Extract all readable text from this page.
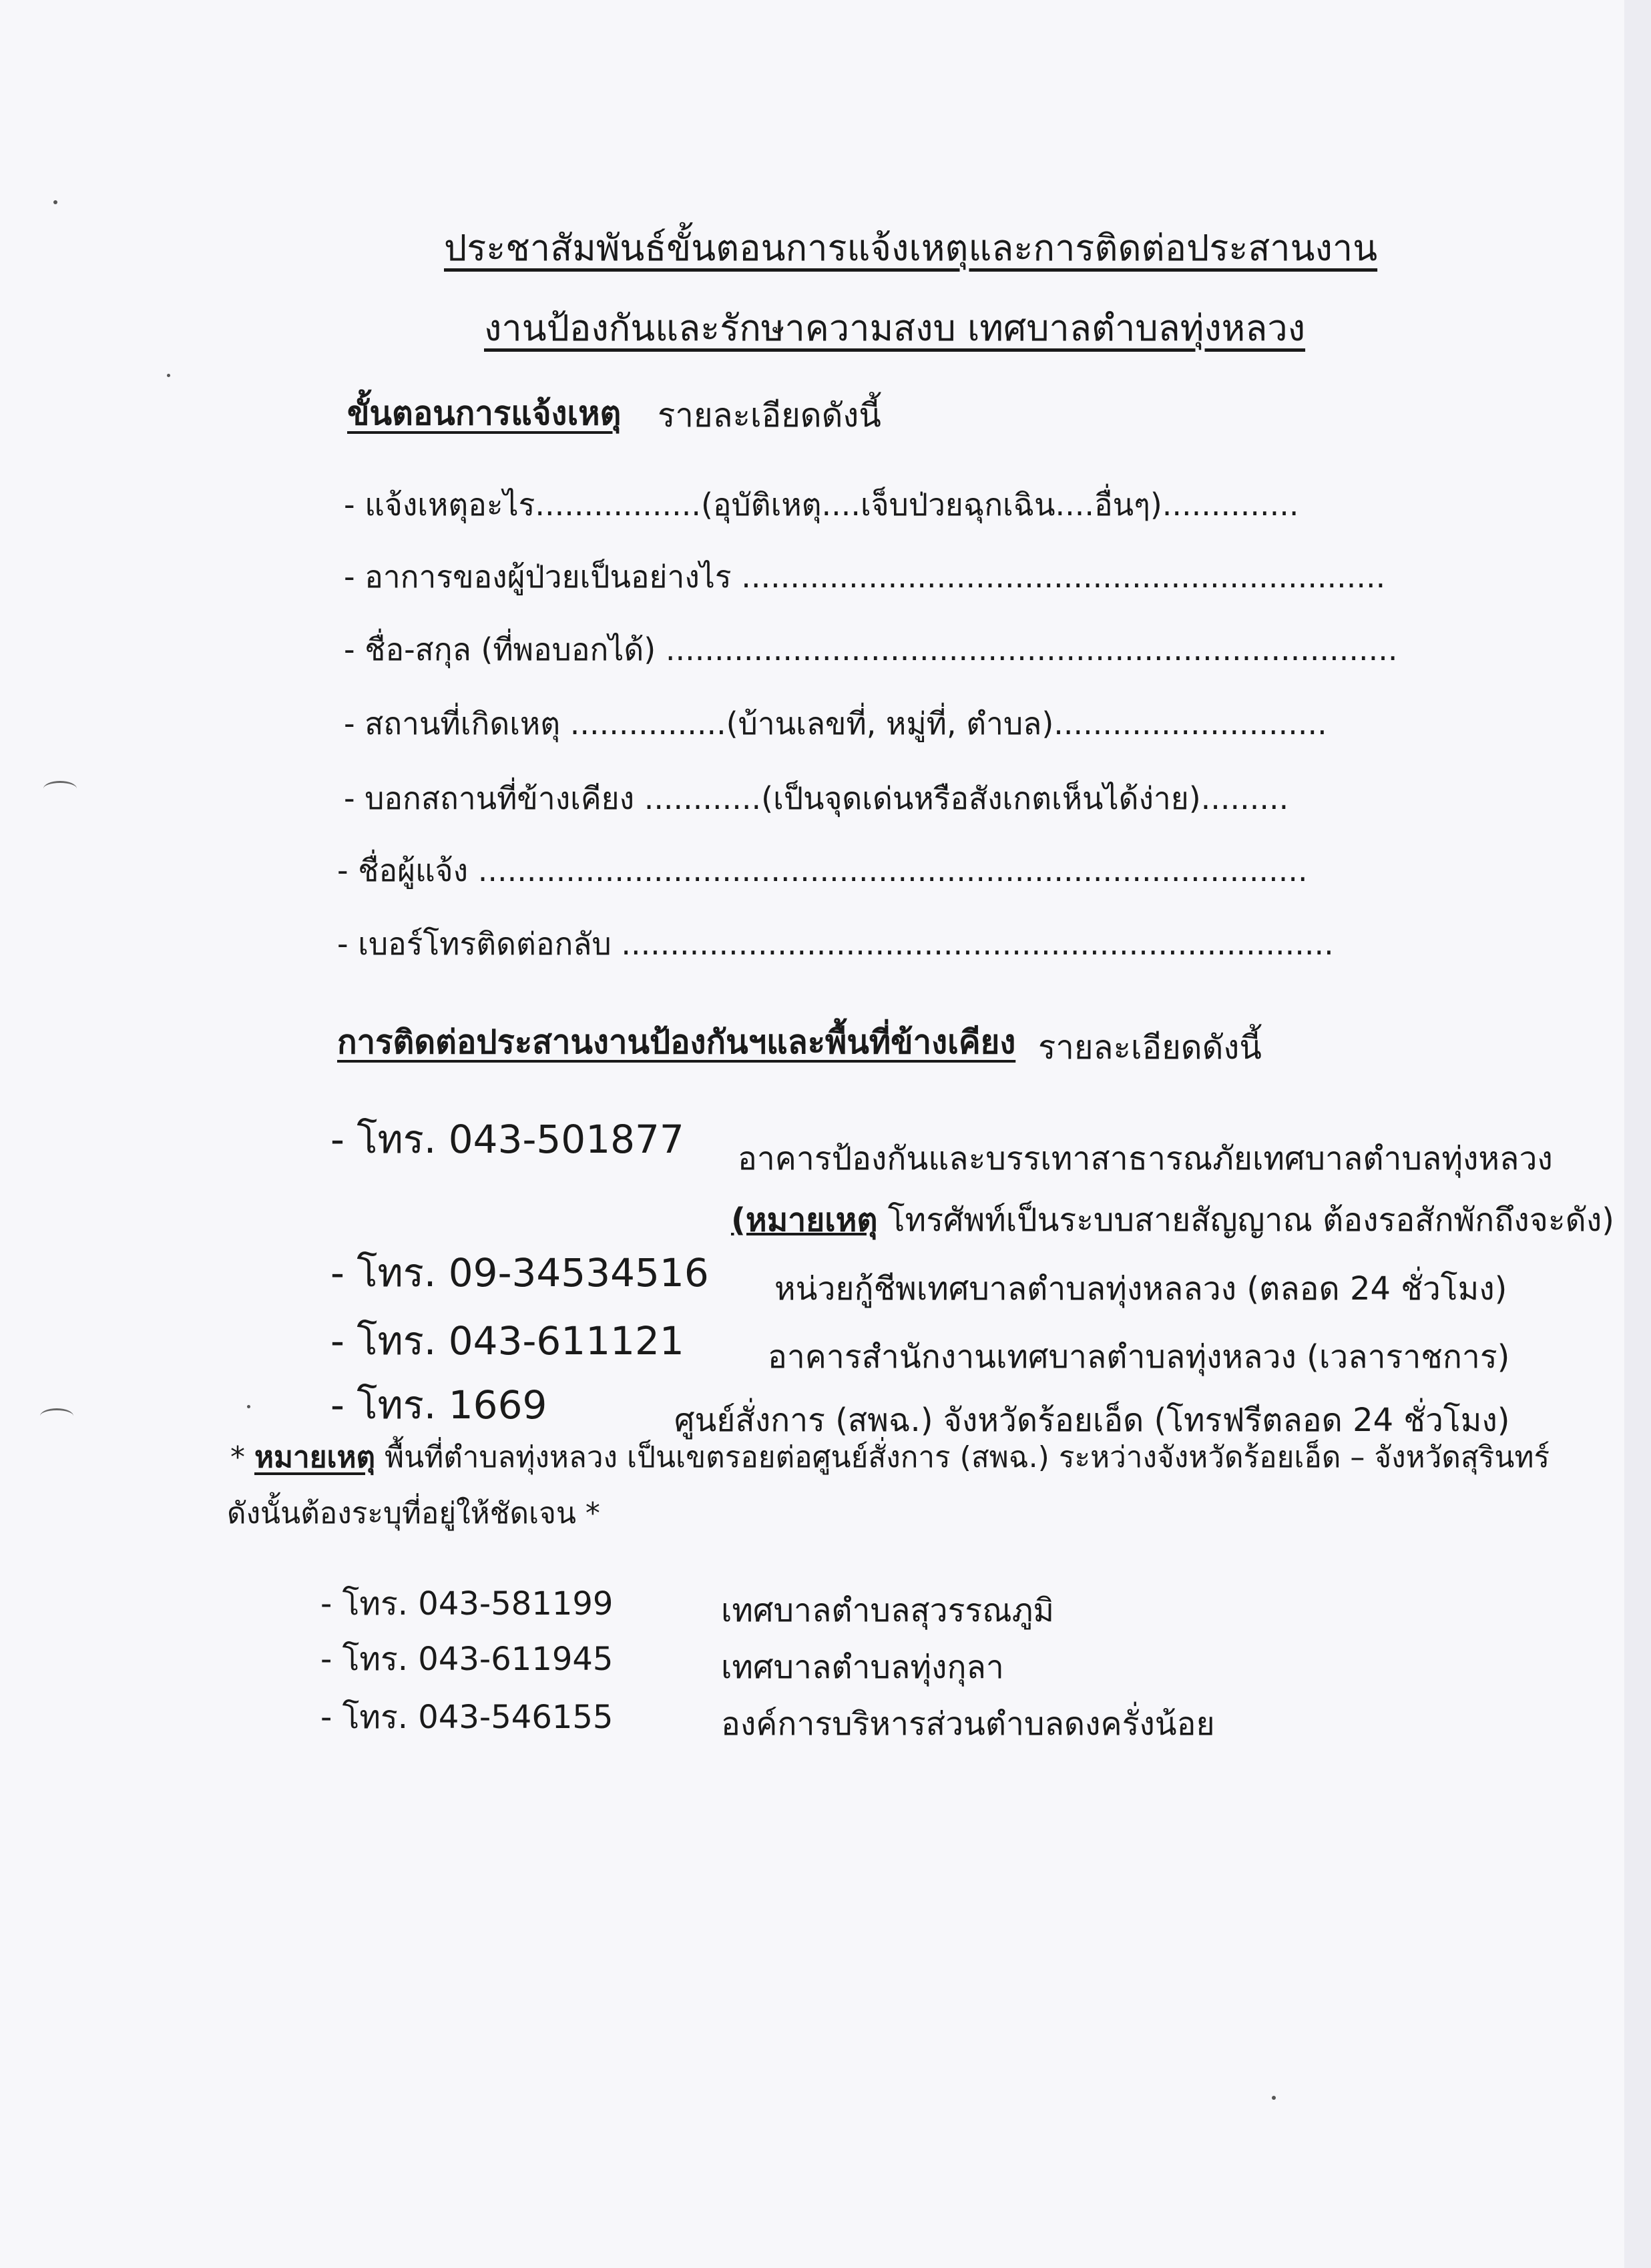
ประชาสัมพันธ์ขั้นตอนการแจ้งเหตุและการติดต่อประสานงาน
งานป้องกันและรักษาความสงบ เทศบาลตำบลทุ่งหลวง
ขั้นตอนการแจ้งเหตุ รายละเอียดดังนี้
- แจ้งเหตุอะไร.................(อุบัติเหตุ....เจ็บป่วยฉุกเฉิน....อื่นๆ)..............
- อาการของผู้ป่วยเป็นอย่างไร ..................................................................
- ชื่อ-สกุล (ที่พอบอกได้) ...........................................................................
- สถานที่เกิดเหตุ ................(บ้านเลขที่, หมู่ที่, ตำบล)............................
- บอกสถานที่ข้างเคียง ............(เป็นจุดเด่นหรือสังเกตเห็นได้ง่าย).........
- ชื่อผู้แจ้ง .....................................................................................
- เบอร์โทรติดต่อกลับ .........................................................................
การติดต่อประสานงานป้องกันฯและพื้นที่ข้างเคียง รายละเอียดดังนี้
- โทร. 043-501877 อาคารป้องกันและบรรเทาสาธารณภัยเทศบาลตำบลทุ่งหลวง
(หมายเหตุ โทรศัพท์เป็นระบบสายสัญญาณ ต้องรอสักพักถึงจะดัง)
- โทร. 09-34534516 หน่วยกู้ชีพเทศบาลตำบลทุ่งหลลวง (ตลอด 24 ชั่วโมง)
- โทร. 043-611121	อาคารสำนักงานเทศบาลตำบลทุ่งหลวง (เวลาราชการ)
- โทร. 1669	ศูนย์สั่งการ (สพฉ.) จังหวัดร้อยเอ็ด (โทรฟรีตลอด 24 ชั่วโมง)
* หมายเหตุ พื้นที่ตำบลทุ่งหลวง เป็นเขตรอยต่อศูนย์สั่งการ (สพฉ.) ระหว่างจังหวัดร้อยเอ็ด – จังหวัดสุรินทร์
ดังนั้นต้องระบุที่อยู่ให้ชัดเจน *
- โทร. 043-581199	เทศบาลตำบลสุวรรณภูมิ
- โทร. 043-611945	เทศบาลตำบลทุ่งกุลา
- โทร. 043-546155	องค์การบริหารส่วนตำบลดงครั่งน้อย
